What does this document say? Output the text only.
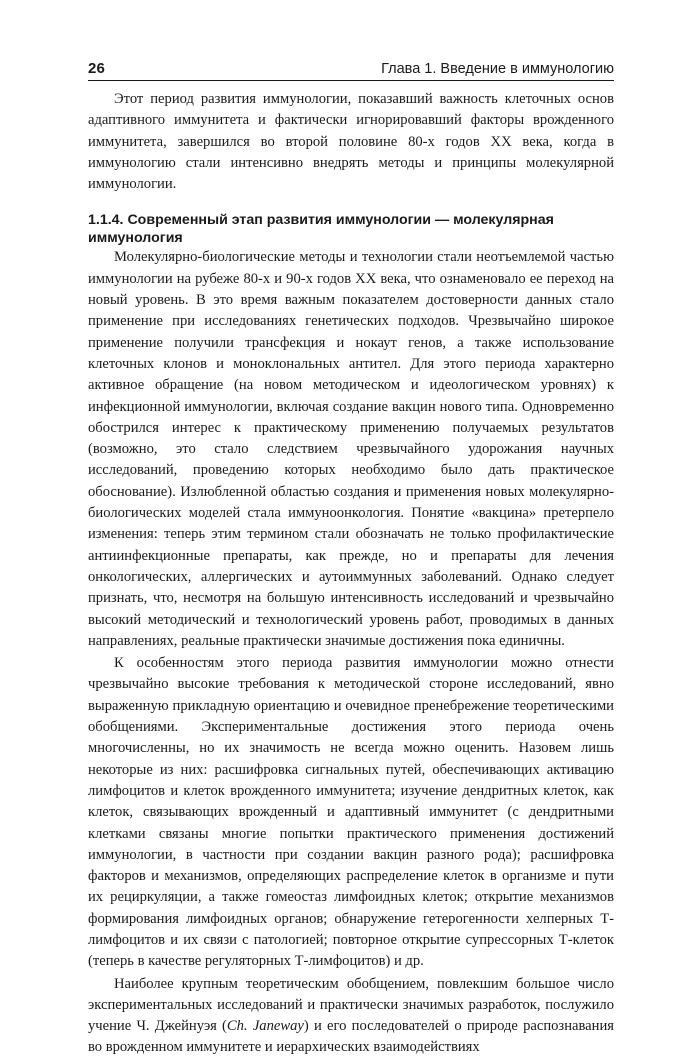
26	Глава 1. Введение в иммунологию

Этот период развития иммунологии, показавший важность клеточных основ адаптивного иммунитета и фактически игнорировавший факторы врожденного иммунитета, завершился во второй половине 80-х годов XX века, когда в иммунологию стали интенсивно внедрять методы и принципы молекулярной иммунологии.

1.1.4. Современный этап развития иммунологии — молекулярная
иммунология

Молекулярно-биологические методы и технологии стали неотъемлемой частью иммунологии на рубеже 80-х и 90-х годов XX века, что ознаменовало ее переход на новый уровень. В это время важным показателем достоверности данных стало применение при исследованиях генетических подходов. Чрезвычайно широкое применение получили трансфекция и нокаут генов, а также использование клеточных клонов и моноклональных антител. Для этого периода характерно активное обращение (на новом методическом и идеологическом уровнях) к инфекционной иммунологии, включая создание вакцин нового типа. Одновременно обострился интерес к практическому применению получаемых результатов (возможно, это стало следствием чрезвычайного удорожания научных исследований, проведению которых необходимо было дать практическое обоснование). Излюбленной областью создания и применения новых молекулярно-биологических моделей стала иммуноонкология. Понятие «вакцина» претерпело изменения: теперь этим термином стали обозначать не только профилактические антиинфекционные препараты, как прежде, но и препараты для лечения онкологических, аллергических и аутоиммунных заболеваний. Однако следует признать, что, несмотря на большую интенсивность исследований и чрезвычайно высокий методический и технологический уровень работ, проводимых в данных направлениях, реальные практически значимые достижения пока единичны.

К особенностям этого периода развития иммунологии можно отнести чрезвычайно высокие требования к методической стороне исследований, явно выраженную прикладную ориентацию и очевидное пренебрежение теоретическими обобщениями. Экспериментальные достижения этого периода очень многочисленны, но их значимость не всегда можно оценить. Назовем лишь некоторые из них: расшифровка сигнальных путей, обеспечивающих активацию лимфоцитов и клеток врожденного иммунитета; изучение дендритных клеток, как клеток, связывающих врожденный и адаптивный иммунитет (с дендритными клетками связаны многие попытки практического применения достижений иммунологии, в частности при создании вакцин разного рода); расшифровка факторов и механизмов, определяющих распределение клеток в организме и пути их рециркуляции, а также гомеостаз лимфоидных клеток; открытие механизмов формирования лимфоидных органов; обнаружение гетерогенности хелперных Т-лимфоцитов и их связи с патологией; повторное открытие супрессорных Т-клеток (теперь в качестве регуляторных Т-лимфоцитов) и др.

Наиболее крупным теоретическим обобщением, повлекшим большое число экспериментальных исследований и практически значимых разработок, послужило учение Ч. Джейнуэя (Ch. Janeway) и его последователей о природе распознавания во врожденном иммунитете и иерархических взаимодействиях
